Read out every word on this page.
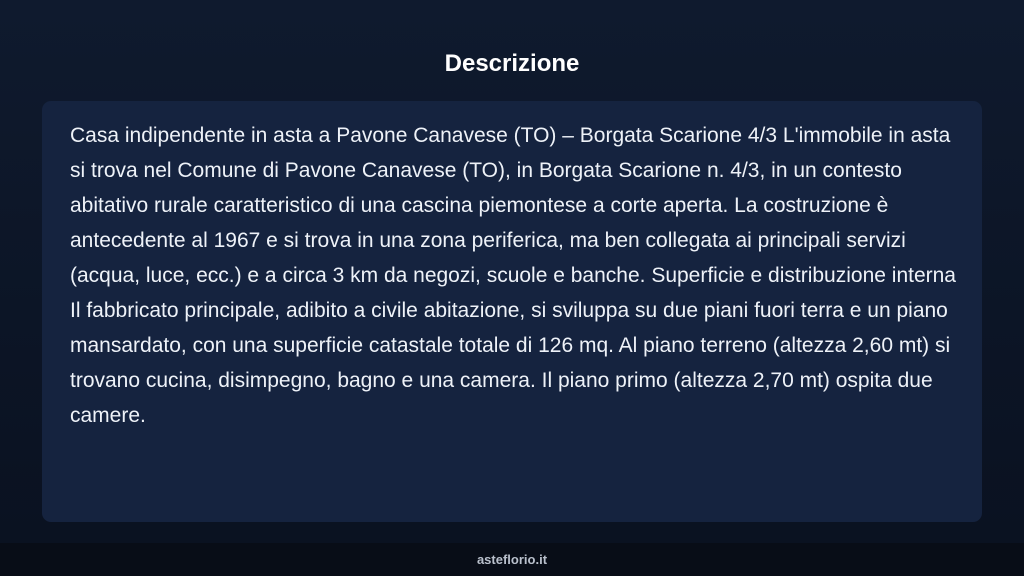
Descrizione

Casa indipendente in asta a Pavone Canavese (TO) – Borgata Scarione 4/3 L'immobile in asta si trova nel Comune di Pavone Canavese (TO), in Borgata Scarione n. 4/3, in un contesto abitativo rurale caratteristico di una cascina piemontese a corte aperta. La costruzione è antecedente al 1967 e si trova in una zona periferica, ma ben collegata ai principali servizi (acqua, luce, ecc.) e a circa 3 km da negozi, scuole e banche. Superficie e distribuzione interna Il fabbricato principale, adibito a civile abitazione, si sviluppa su due piani fuori terra e un piano mansardato, con una superficie catastale totale di 126 mq. Al piano terreno (altezza 2,60 mt) si trovano cucina, disimpegno, bagno e una camera. Il piano primo (altezza 2,70 mt) ospita due camere.

asteflorio.it
